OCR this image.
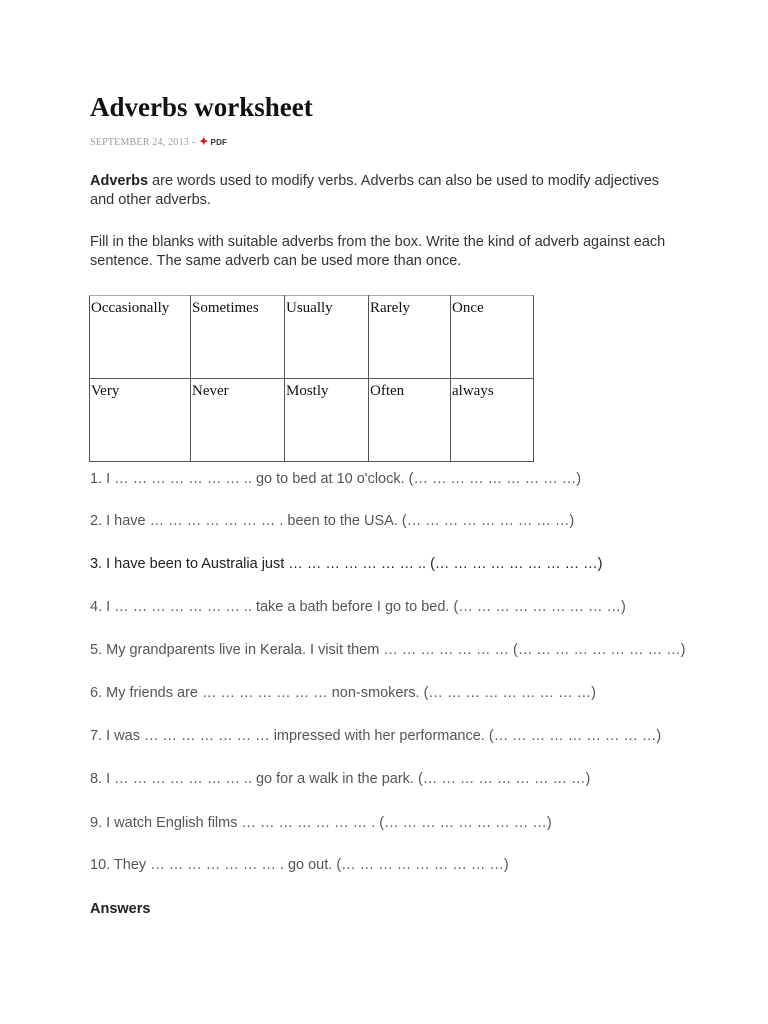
Adverbs worksheet
SEPTEMBER 24, 2013 - ✦ PDF

Adverbs are words used to modify verbs. Adverbs can also be used to modify adjectives and other adverbs.

Fill in the blanks with suitable adverbs from the box. Write the kind of adverb against each sentence. The same adverb can be used more than once.

Occasionally	Sometimes	Usually	Rarely	Once
Very	Never	Mostly	Often	always

1. I … … … … … … … .. go to bed at 10 o'clock. (… … … … … … … … …)

2. I have … … … … … … … . been to the USA. (… … … … … … … … …)

3. I have been to Australia just … … … … … … … .. (… … … … … … … … …)

4. I … … … … … … … .. take a bath before I go to bed. (… … … … … … … … …)

5. My grandparents live in Kerala. I visit them … … … … … … … (… … … … … … … … …)

6. My friends are … … … … … … … non-smokers. (… … … … … … … … …)

7. I was … … … … … … … impressed with her performance. (… … … … … … … … …)

8. I … … … … … … … .. go for a walk in the park. (… … … … … … … … …)

9. I watch English films … … … … … … … . (… … … … … … … … …)

10. They … … … … … … … . go out. (… … … … … … … … …)

Answers
